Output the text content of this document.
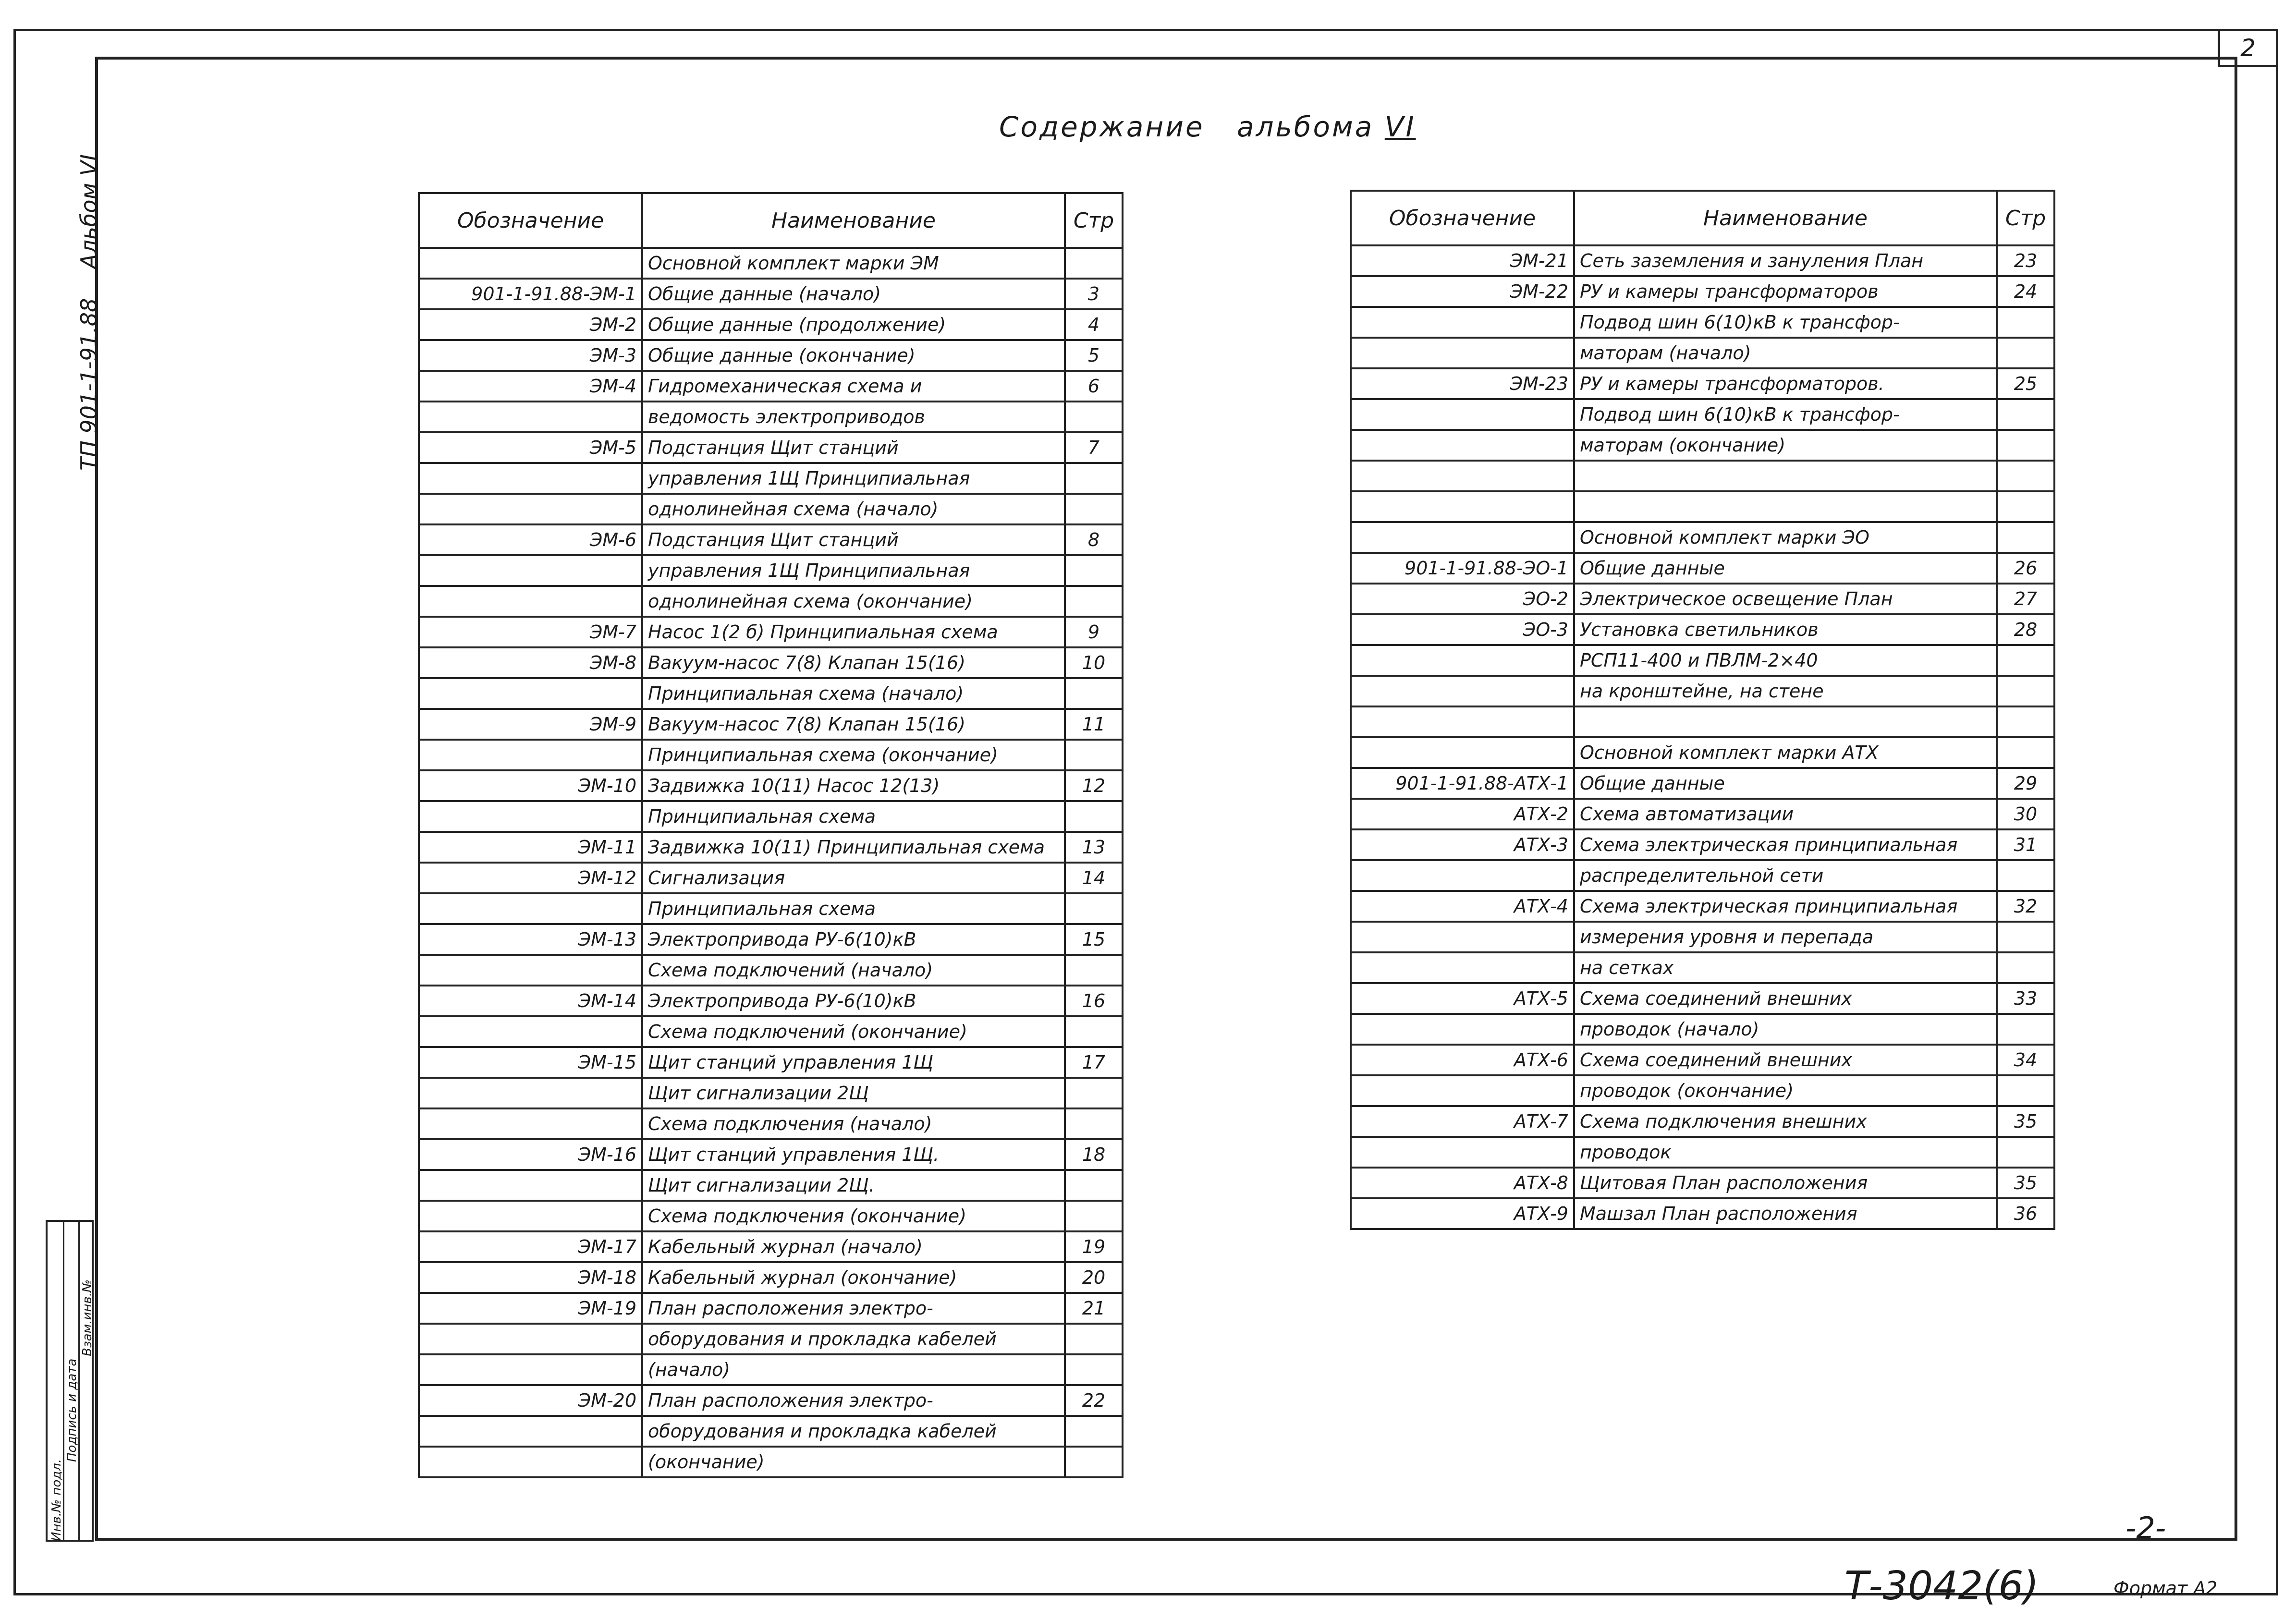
2
Содержание   альбома VI
Альбом VI
ТП 901-1-91.88
Инв.№ подл.
Подпись и дата
Взам.инв.№
Обозначение	Наименование	Стр
	Основной комплект марки ЭМ	
901-1-91.88-ЭМ-1	Общие данные (начало)	3
ЭМ-2	Общие данные (продолжение)	4
ЭМ-3	Общие данные (окончание)	5
ЭМ-4	Гидромеханическая схема и	6
	ведомость электроприводов	
ЭМ-5	Подстанция Щит станций	7
	управления 1Щ Принципиальная	
	однолинейная схема (начало)	
ЭМ-6	Подстанция Щит станций	8
	управления 1Щ Принципиальная	
	однолинейная схема (окончание)	
ЭМ-7	Насос 1(2 б) Принципиальная схема	9
ЭМ-8	Вакуум-насос 7(8) Клапан 15(16)	10
	Принципиальная схема (начало)	
ЭМ-9	Вакуум-насос 7(8) Клапан 15(16)	11
	Принципиальная схема (окончание)	
ЭМ-10	Задвижка 10(11) Насос 12(13)	12
	Принципиальная схема	
ЭМ-11	Задвижка 10(11) Принципиальная схема	13
ЭМ-12	Сигнализация	14
	Принципиальная схема	
ЭМ-13	Электропривода РУ-6(10)кВ	15
	Схема подключений (начало)	
ЭМ-14	Электропривода РУ-6(10)кВ	16
	Схема подключений (окончание)	
ЭМ-15	Щит станций управления 1Щ	17
	Щит сигнализации 2Щ	
	Схема подключения (начало)	
ЭМ-16	Щит станций управления 1Щ.	18
	Щит сигнализации 2Щ.	
	Схема подключения (окончание)	
ЭМ-17	Кабельный журнал (начало)	19
ЭМ-18	Кабельный журнал (окончание)	20
ЭМ-19	План расположения электро-	21
	оборудования и прокладка кабелей	
	(начало)	
ЭМ-20	План расположения электро-	22
	оборудования и прокладка кабелей	
	(окончание)	
Обозначение	Наименование	Стр
ЭМ-21	Сеть заземления и зануления План	23
ЭМ-22	РУ и камеры трансформаторов	24
	Подвод шин 6(10)кВ к трансфор-	
	маторам (начало)	
ЭМ-23	РУ и камеры трансформаторов.	25
	Подвод шин 6(10)кВ к трансфор-	
	маторам (окончание)	

	Основной комплект марки ЭО	
901-1-91.88-ЭО-1	Общие данные	26
ЭО-2	Электрическое освещение План	27
ЭО-3	Установка светильников	28
	РСП11-400 и ПВЛМ-2×40	
	на кронштейне, на стене	

	Основной комплект марки АТХ	
901-1-91.88-АТХ-1	Общие данные	29
АТХ-2	Схема автоматизации	30
АТХ-3	Схема электрическая принципиальная	31
	распределительной сети	
АТХ-4	Схема электрическая принципиальная	32
	измерения уровня и перепада	
	на сетках	
АТХ-5	Схема соединений внешних	33
	проводок (начало)	
АТХ-6	Схема соединений внешних	34
	проводок (окончание)	
АТХ-7	Схема подключения внешних	35
	проводок	
АТХ-8	Щитовая План расположения	35
АТХ-9	Машзал План расположения	36
-2-
Т-3042(6)	Формат А2
